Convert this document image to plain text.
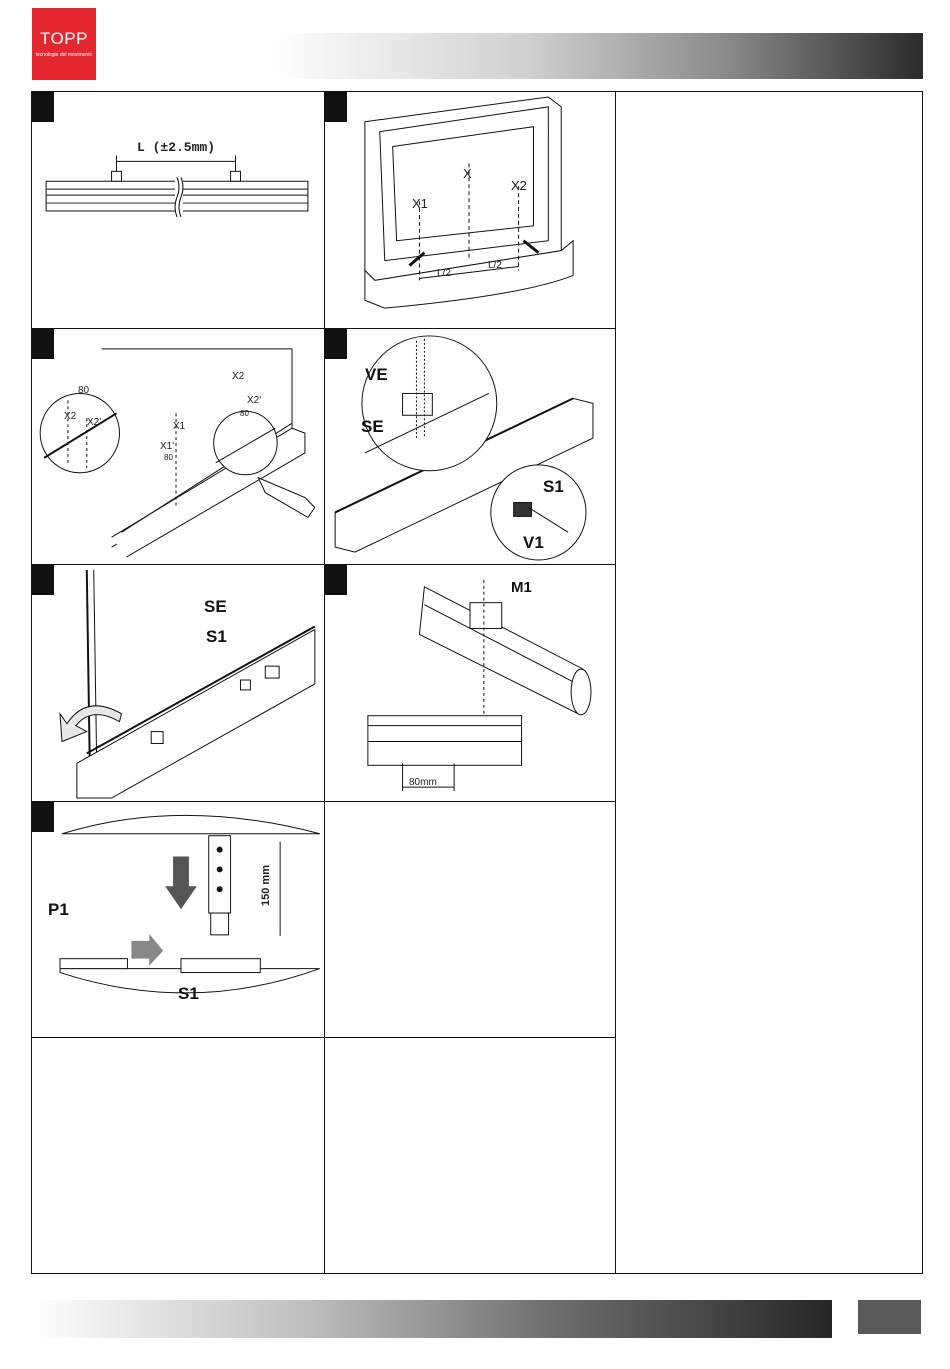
TOPP
tecnologie del movimento
L (±2.5mm)
X
X1
X2
L/2
L/2
X2
X2'
80
X1
X1'
80
X2
X2'
80
VE
SE
S1
V1
SE
S1
M1
80mm
P1
S1
150 mm
